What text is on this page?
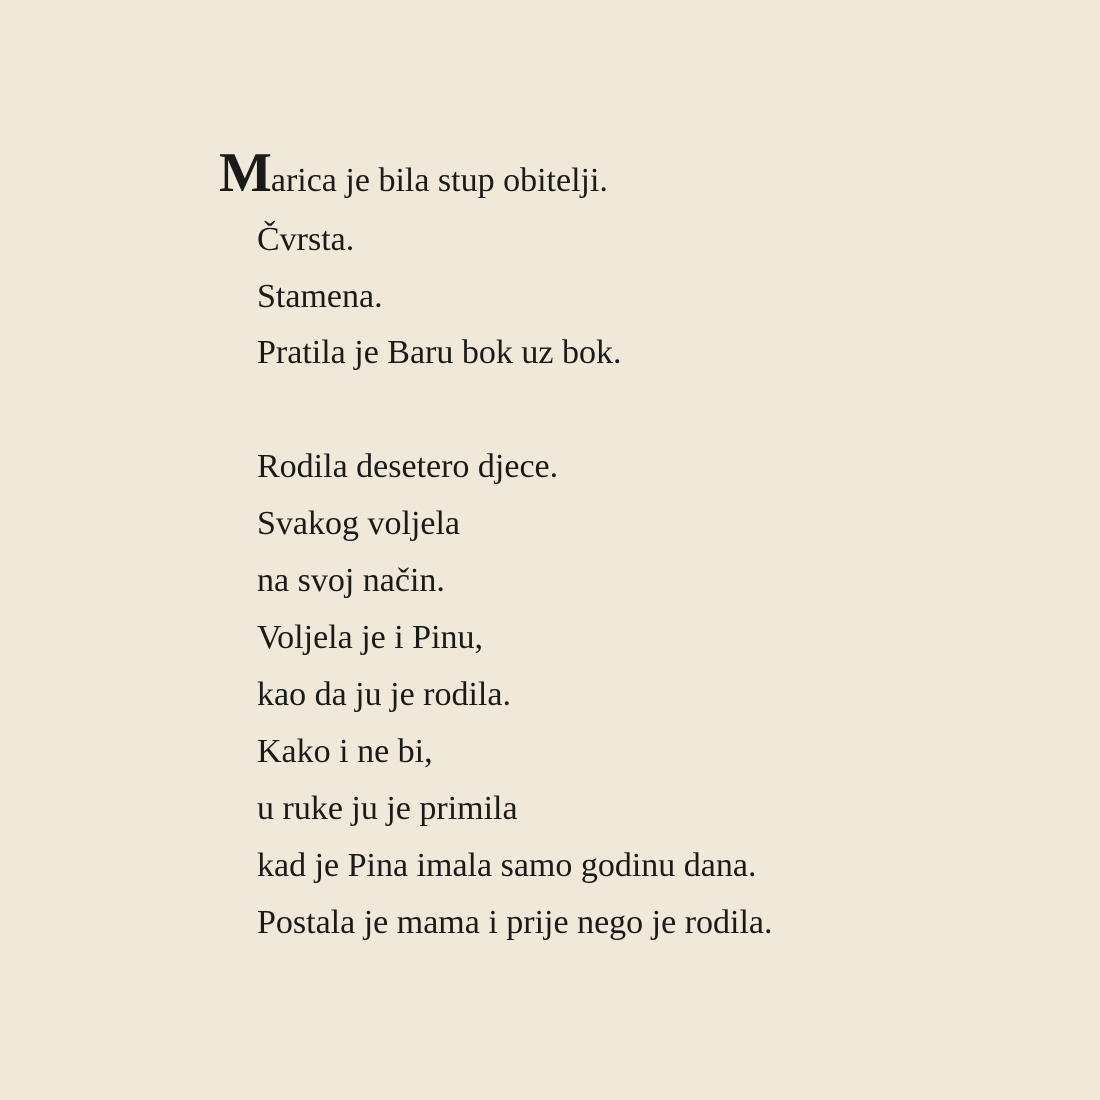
Marica je bila stup obitelji.
Čvrsta.
Stamena.
Pratila je Baru bok uz bok.
Rodila desetero djece.
Svakog voljela
na svoj način.
Voljela je i Pinu,
kao da ju je rodila.
Kako i ne bi,
u ruke ju je primila
kad je Pina imala samo godinu dana.
Postala je mama i prije nego je rodila.
